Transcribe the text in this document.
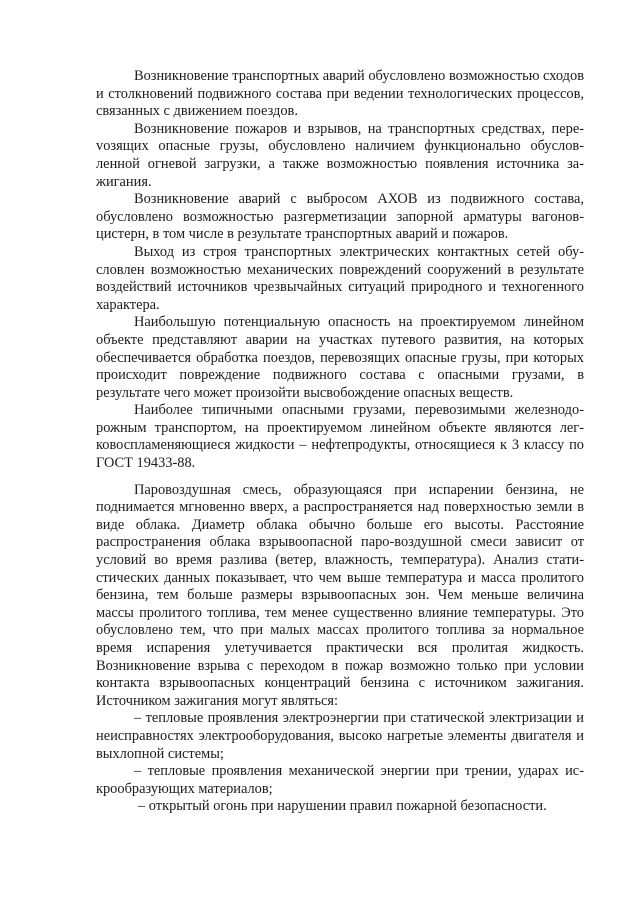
Возникновение транспортных аварий обусловлено возможностью сходов и столкновений подвижного состава при ведении технологических процессов, связанных с движением поездов.

Возникновение пожаров и взрывов, на транспортных средствах, переvозящих опасные грузы, обусловлено наличием функционально обусловленной огневой загрузки, а также возможностью появления источника зажигания.

Возникновение аварий с выбросом АХОВ из подвижного состава, обусловлено возможностью разгерметизации запорной арматуры вагонов-цистерн, в том числе в результате транспортных аварий и пожаров.

Выход из строя транспортных электрических контактных сетей обусловлен возможностью механических повреждений сооружений в результате воздействий источников чрезвычайных ситуаций природного и техногенного характера.

Наибольшую потенциальную опасность на проектируемом линейном объекте представляют аварии на участках путевого развития, на которых обеспечивается обработка поездов, перевозящих опасные грузы, при которых происходит повреждение подвижного состава с опасными грузами, в результате чего может произойти высвобождение опасных веществ.

Наиболее типичными опасными грузами, перевозимыми железнодорожным транспортом, на проектируемом линейном объекте являются легковоспламеняющиеся жидкости – нефтепродукты, относящиеся к 3 классу по ГОСТ 19433-88.

Паровоздушная смесь, образующаяся при испарении бензина, не поднимается мгновенно вверх, а распространяется над поверхностью земли в виде облака. Диаметр облака обычно больше его высоты. Расстояние распространения облака взрывоопасной паро-воздушной смеси зависит от условий во время разлива (ветер, влажность, температура). Анализ статистических данных показывает, что чем выше температура и масса пролитого бензина, тем больше размеры взрывоопасных зон. Чем меньше величина массы пролитого топлива, тем менее существенно влияние температуры. Это обусловлено тем, что при малых массах пролитого топлива за нормальное время испарения улетучивается практически вся пролитая жидкость. Возникновение взрыва с переходом в пожар возможно только при условии контакта взрывоопасных концентраций бензина с источником зажигания. Источником зажигания могут являться:

– тепловые проявления электроэнергии при статической электризации и неисправностях электрооборудования, высоко нагретые элементы двигателя и выхлопной системы;

– тепловые проявления механической энергии при трении, ударах искрообразующих материалов;

– открытый огонь при нарушении правил пожарной безопасности.
